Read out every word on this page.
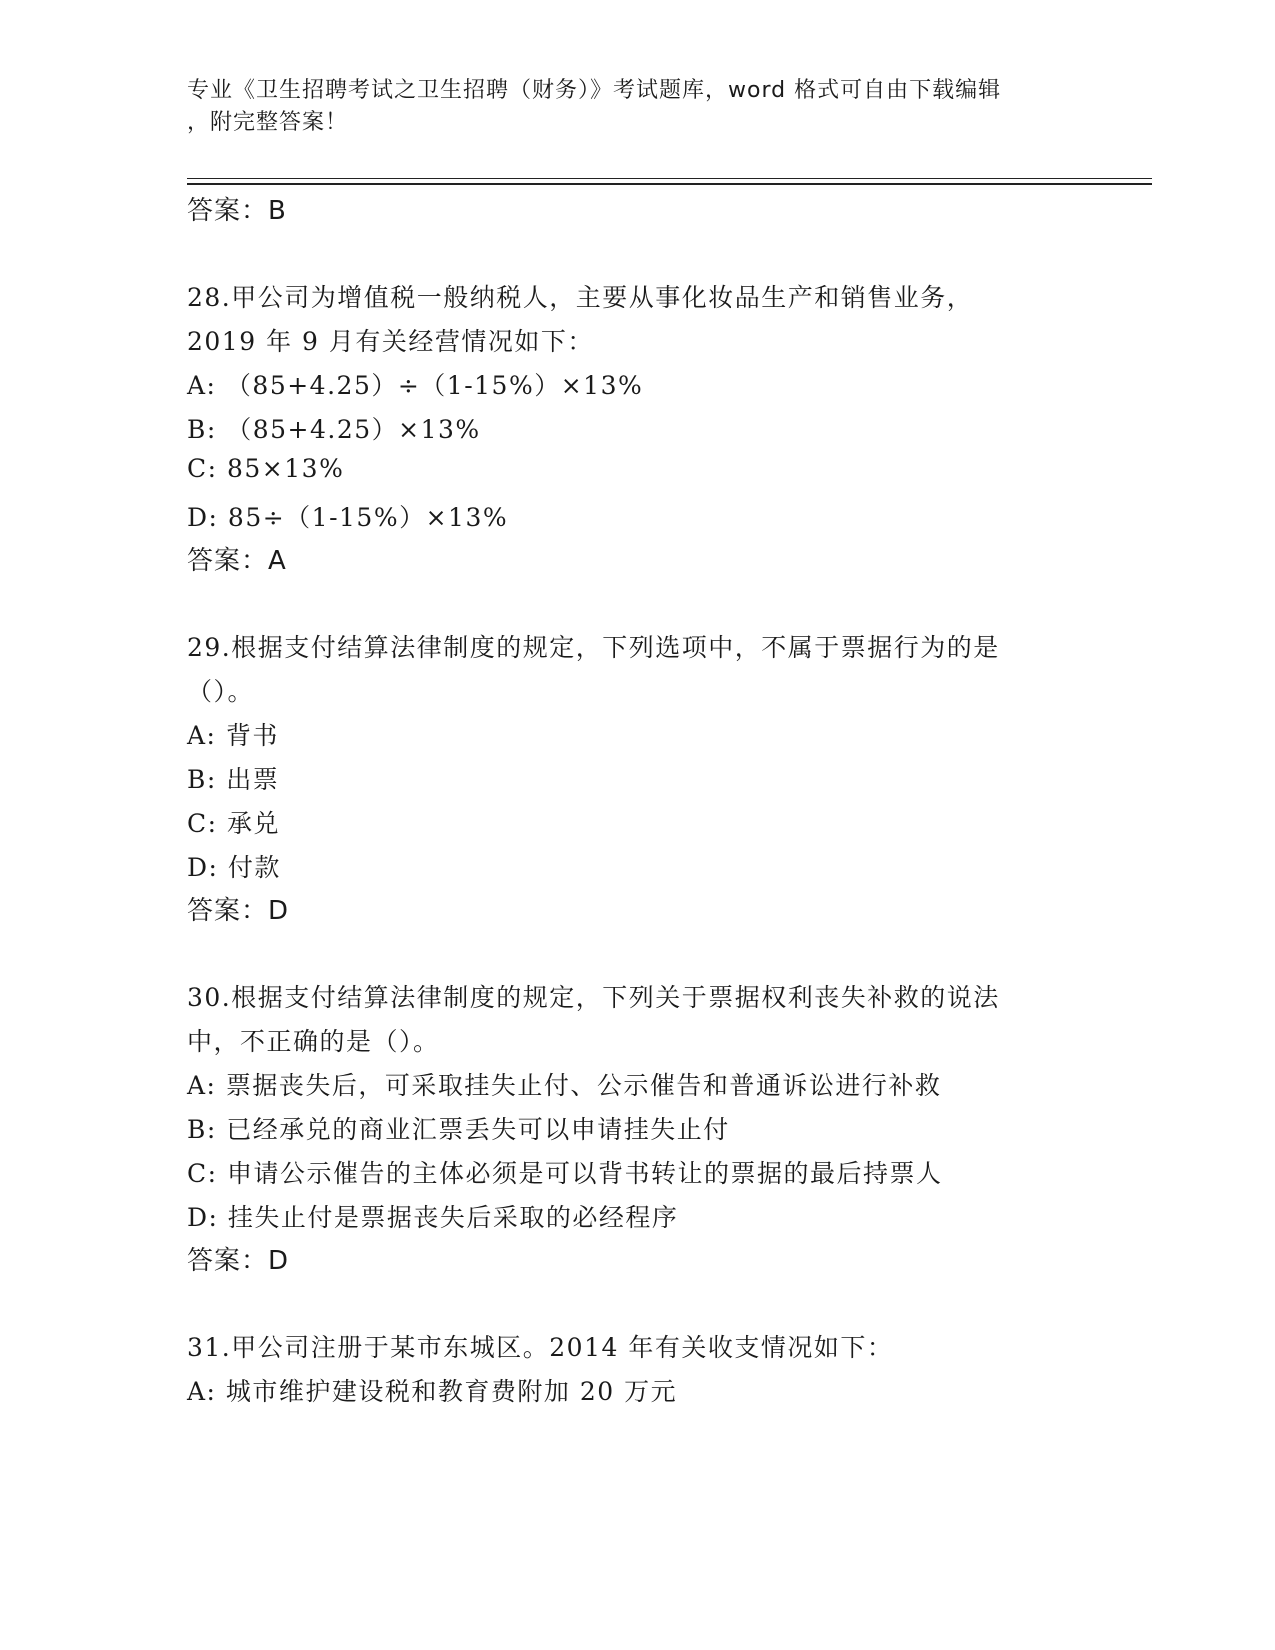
专业《卫生招聘考试之卫生招聘（财务）》考试题库，word 格式可自由下载编辑
，附完整答案！
答案：B
28.甲公司为增值税一般纳税人，主要从事化妆品生产和销售业务，
2019 年 9 月有关经营情况如下：
A: （85+4.25）÷（1-15%）×13%
B: （85+4.25）×13%
C: 85×13%
D: 85÷（1-15%）×13%
答案：A
29.根据支付结算法律制度的规定，下列选项中，不属于票据行为的是
（）。
A: 背书
B: 出票
C: 承兑
D: 付款
答案：D
30.根据支付结算法律制度的规定，下列关于票据权利丧失补救的说法
中，不正确的是（）。
A: 票据丧失后，可采取挂失止付、公示催告和普通诉讼进行补救
B: 已经承兑的商业汇票丢失可以申请挂失止付
C: 申请公示催告的主体必须是可以背书转让的票据的最后持票人
D: 挂失止付是票据丧失后采取的必经程序
答案：D
31.甲公司注册于某市东城区。2014 年有关收支情况如下：
A: 城市维护建设税和教育费附加 20 万元
